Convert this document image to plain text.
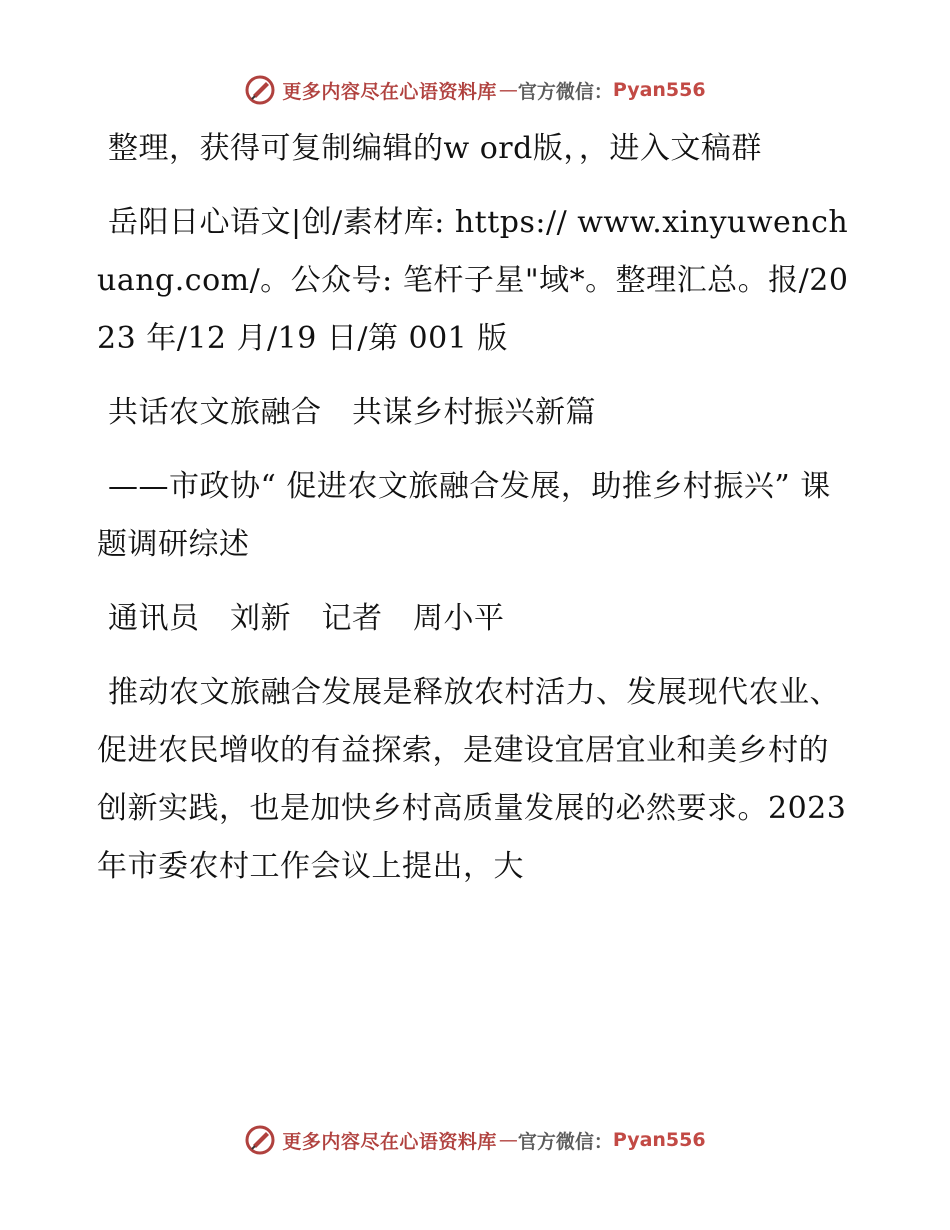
更多内容尽在心语资料库 — 官方微信： Pyan556

整理，获得可复制编辑的w ord版，，进入文稿群

岳阳日心语文|创/素材库: https:// www.xinyuwenchuang.com/。公众号: 笔杆子星"域*。整理汇总。报/2023 年/12 月/19 日/第 001 版

共话农文旅融合　共谋乡村振兴新篇

——市政协“ 促进农文旅融合发展，助推乡村振兴” 课题调研综述

通讯员　刘新　记者　周小平

推动农文旅融合发展是释放农村活力、发展现代农业、促进农民增收的有益探索，是建设宜居宜业和美乡村的创新实践，也是加快乡村高质量发展的必然要求。2023 年市委农村工作会议上提出，大

更多内容尽在心语资料库 — 官方微信： Pyan556
